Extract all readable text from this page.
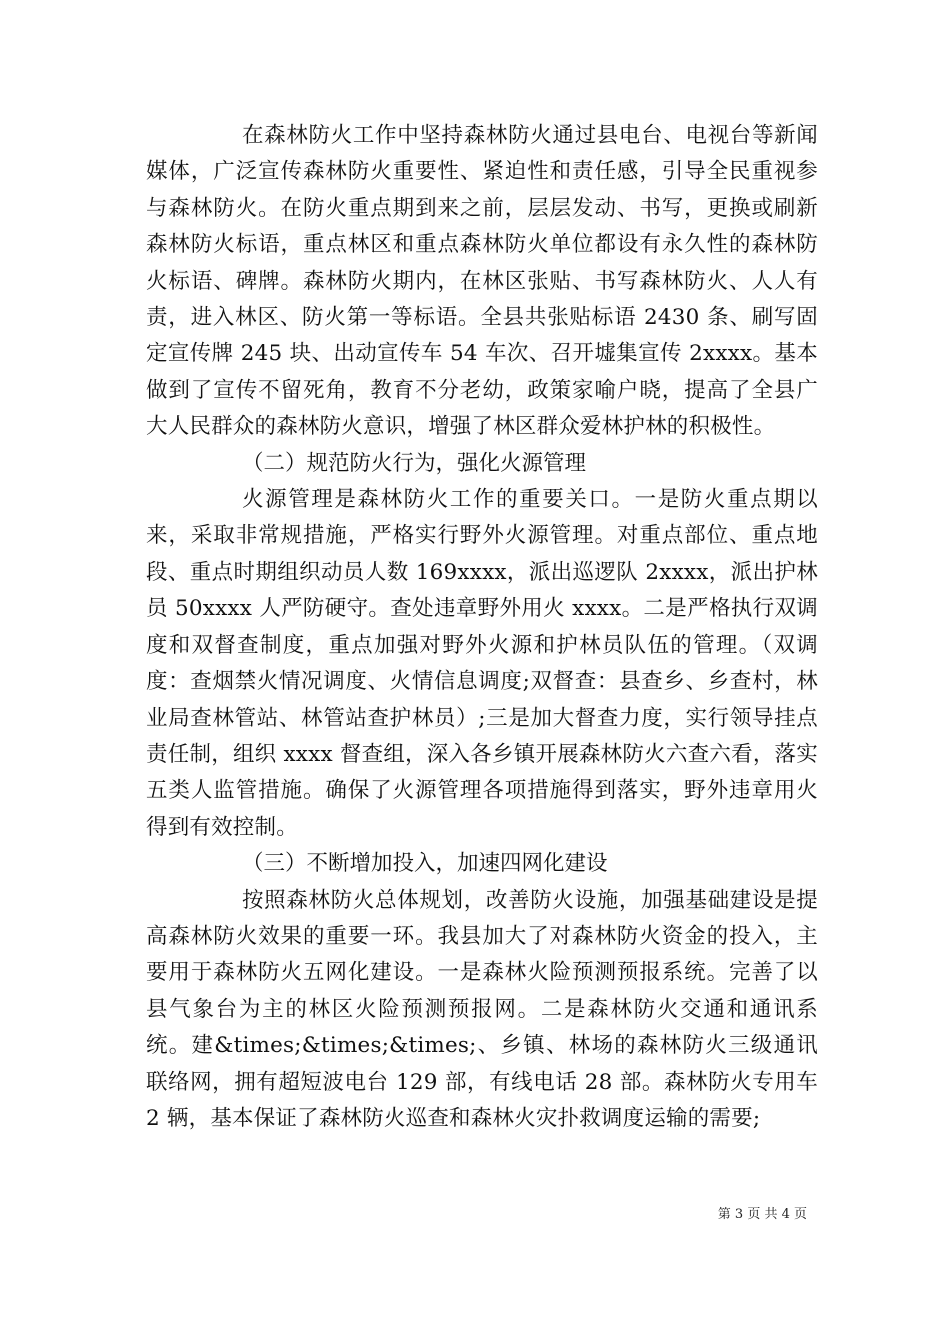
在森林防火工作中坚持森林防火通过县电台、电视台等新闻媒体，广泛宣传森林防火重要性、紧迫性和责任感，引导全民重视参与森林防火。在防火重点期到来之前，层层发动、书写，更换或刷新森林防火标语，重点林区和重点森林防火单位都设有永久性的森林防火标语、碑牌。森林防火期内，在林区张贴、书写森林防火、人人有责，进入林区、防火第一等标语。全县共张贴标语 2430 条、刷写固定宣传牌 245 块、出动宣传车 54 车次、召开墟集宣传 2xxxx。基本做到了宣传不留死角，教育不分老幼，政策家喻户晓，提高了全县广大人民群众的森林防火意识，增强了林区群众爱林护林的积极性。

（二）规范防火行为，强化火源管理

火源管理是森林防火工作的重要关口。一是防火重点期以来，采取非常规措施，严格实行野外火源管理。对重点部位、重点地段、重点时期组织动员人数 169xxxx，派出巡逻队 2xxxx，派出护林员 50xxxx 人严防硬守。查处违章野外用火 xxxx。二是严格执行双调度和双督查制度，重点加强对野外火源和护林员队伍的管理。（双调度：查烟禁火情况调度、火情信息调度;双督查：县查乡、乡查村，林业局查林管站、林管站查护林员）;三是加大督查力度，实行领导挂点责任制，组织 xxxx 督查组，深入各乡镇开展森林防火六查六看，落实五类人监管措施。确保了火源管理各项措施得到落实，野外违章用火得到有效控制。

（三）不断增加投入，加速四网化建设

按照森林防火总体规划，改善防火设施，加强基础建设是提高森林防火效果的重要一环。我县加大了对森林防火资金的投入，主要用于森林防火五网化建设。一是森林火险预测预报系统。完善了以县气象台为主的林区火险预测预报网。二是森林防火交通和通讯系统。建&times;&times;&times;、乡镇、林场的森林防火三级通讯联络网，拥有超短波电台 129 部，有线电话 28 部。森林防火专用车 2 辆，基本保证了森林防火巡查和森林火灾扑救调度运输的需要;

第 3 页 共 4 页
